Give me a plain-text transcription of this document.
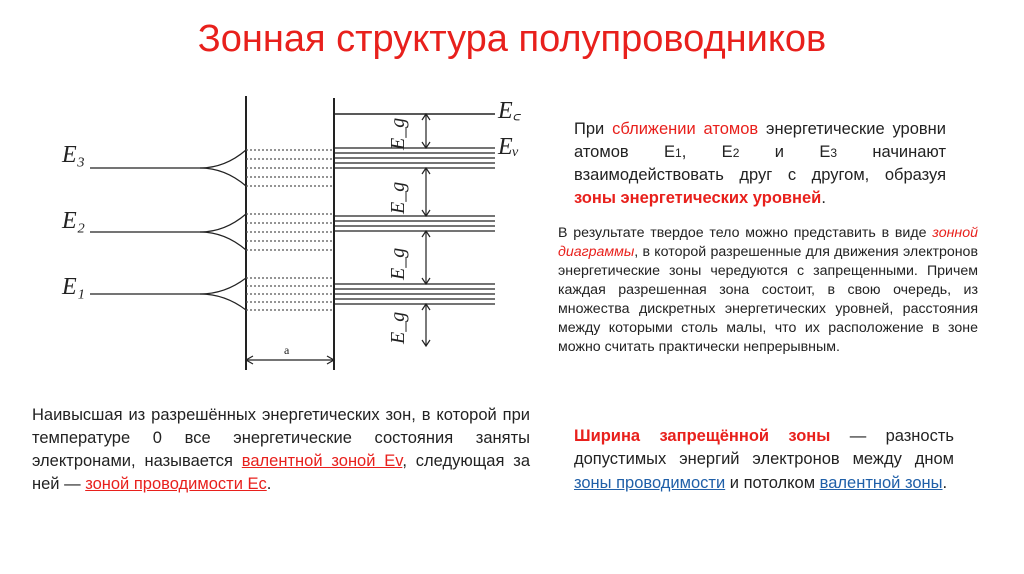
Зонная структура полупроводников
E₃
E₂
E₁
E꜀
Eᵥ
E_g
E_g
E_g
E_g
a
При сближении атомов энергетические уровни атомов E1, E2 и E3 начинают взаимодействовать друг с другом, образуя зоны энергетических уровней.
В результате твердое тело можно представить в виде зонной диаграммы, в которой разрешенные для движения электронов энергетические зоны чередуются с запрещенными. Причем каждая разрешенная зона состоит, в свою очередь, из множества дискретных энергетических уровней, расстояния между которыми столь малы, что их расположение в зоне можно считать практически непрерывным.
Наивысшая из разрешённых энергетических зон, в которой при температуре 0 все энергетические состояния заняты электронами, называется валентной зоной Ev, следующая за ней — зоной проводимости Ec.
Ширина запрещённой зоны — разность допустимых энергий электронов между дном зоны проводимости и потолком валентной зоны.
